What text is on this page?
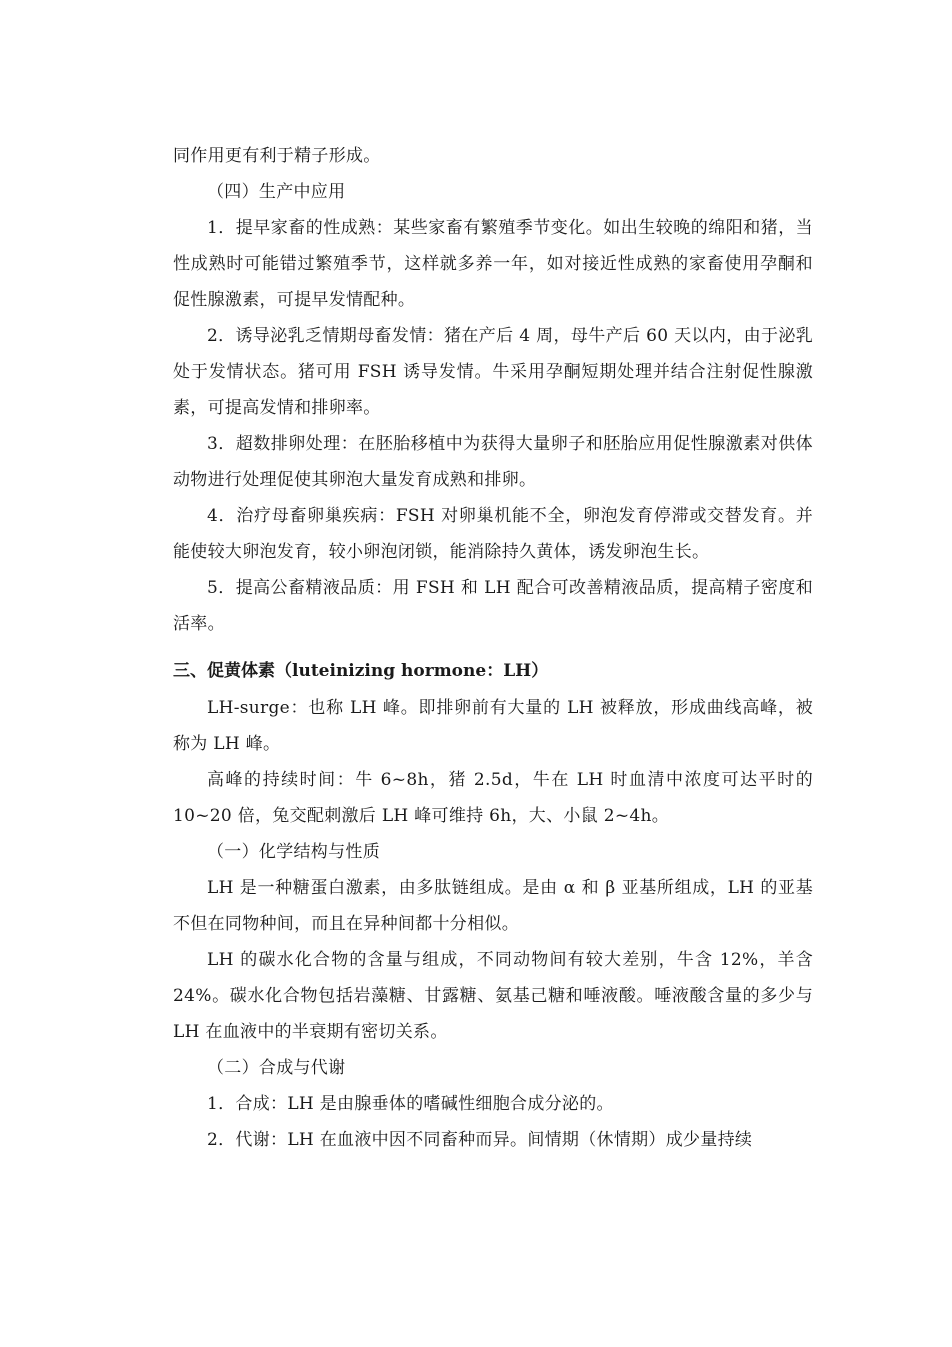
同作用更有利于精子形成。

（四）生产中应用

1．提早家畜的性成熟：某些家畜有繁殖季节变化。如出生较晚的绵阳和猪，当性成熟时可能错过繁殖季节，这样就多养一年，如对接近性成熟的家畜使用孕酮和促性腺激素，可提早发情配种。

2．诱导泌乳乏情期母畜发情：猪在产后 4 周，母牛产后 60 天以内，由于泌乳处于发情状态。猪可用 FSH 诱导发情。牛采用孕酮短期处理并结合注射促性腺激素，可提高发情和排卵率。

3．超数排卵处理：在胚胎移植中为获得大量卵子和胚胎应用促性腺激素对供体动物进行处理促使其卵泡大量发育成熟和排卵。

4．治疗母畜卵巢疾病：FSH 对卵巢机能不全，卵泡发育停滞或交替发育。并能使较大卵泡发育，较小卵泡闭锁，能消除持久黄体，诱发卵泡生长。

5．提高公畜精液品质：用 FSH 和 LH 配合可改善精液品质，提高精子密度和活率。

三、促黄体素（luteinizing hormone：LH）

LH-surge：也称 LH 峰。即排卵前有大量的 LH 被释放，形成曲线高峰，被称为 LH 峰。

高峰的持续时间：牛 6~8h，猪 2.5d，牛在 LH 时血清中浓度可达平时的 10~20 倍，兔交配刺激后 LH 峰可维持 6h，大、小鼠 2~4h。

（一）化学结构与性质

LH 是一种糖蛋白激素，由多肽链组成。是由 α 和 β 亚基所组成，LH 的亚基不但在同物种间，而且在异种间都十分相似。

LH 的碳水化合物的含量与组成，不同动物间有较大差别，牛含 12%，羊含 24%。碳水化合物包括岩藻糖、甘露糖、氨基己糖和唾液酸。唾液酸含量的多少与 LH 在血液中的半衰期有密切关系。

（二）合成与代谢

1．合成：LH 是由腺垂体的嗜碱性细胞合成分泌的。

2．代谢：LH 在血液中因不同畜种而异。间情期（休情期）成少量持续
